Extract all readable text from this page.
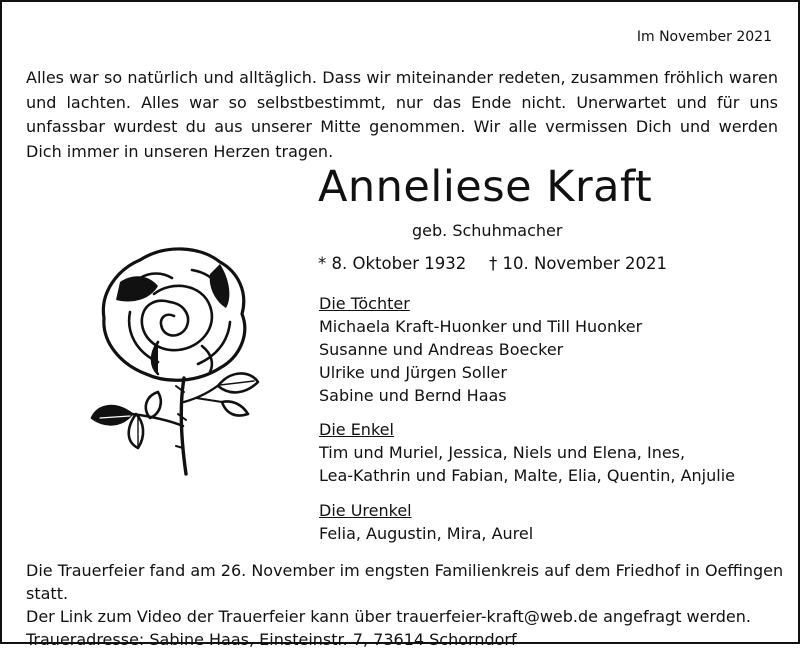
Im November 2021

Alles war so natürlich und alltäglich. Dass wir miteinander redeten, zusammen fröhlich waren und lachten. Alles war so selbstbestimmt, nur das Ende nicht. Unerwartet und für uns unfassbar wurdest du aus unserer Mitte genommen. Wir alle vermissen Dich und werden Dich immer in unseren Herzen tragen.

Anneliese Kraft
geb. Schuhmacher
* 8. Oktober 1932 † 10. November 2021
Die Töchter
Michaela Kraft-Huonker und Till Huonker
Susanne und Andreas Boecker
Ulrike und Jürgen Soller
Sabine und Bernd Haas
Die Enkel
Tim und Muriel, Jessica, Niels und Elena, Ines,
Lea-Kathrin und Fabian, Malte, Elia, Quentin, Anjulie
Die Urenkel
Felia, Augustin, Mira, Aurel
Die Trauerfeier fand am 26. November im engsten Familienkreis auf dem Friedhof in Oeffingen statt.
Der Link zum Video der Trauerfeier kann über trauerfeier-kraft@web.de angefragt werden.
Traueradresse: Sabine Haas, Einsteinstr. 7, 73614 Schorndorf
